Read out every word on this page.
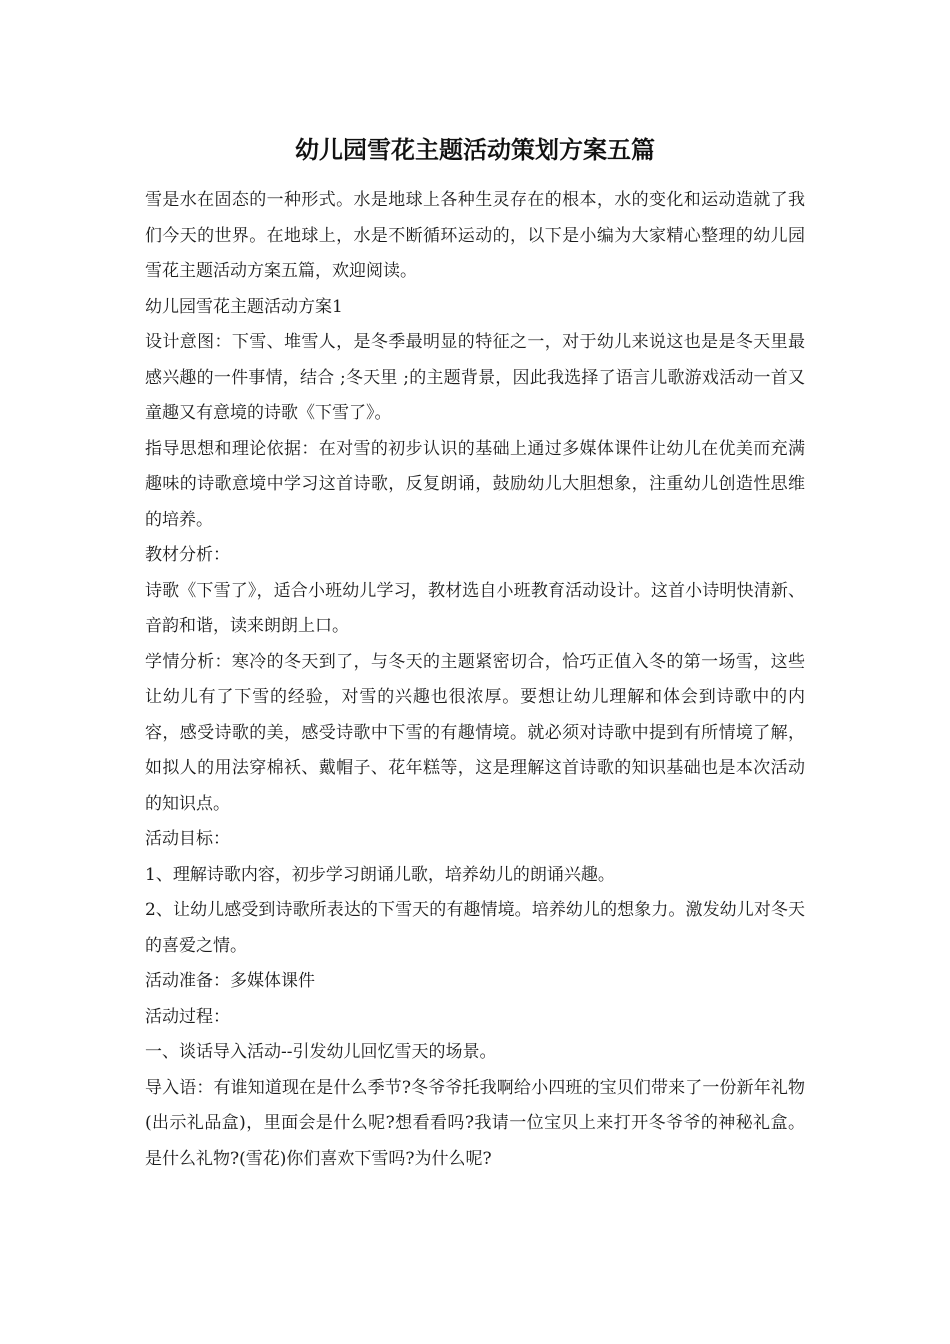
幼儿园雪花主题活动策划方案五篇

雪是水在固态的一种形式。水是地球上各种生灵存在的根本，水的变化和运动造就了我们今天的世界。在地球上，水是不断循环运动的，以下是小编为大家精心整理的幼儿园雪花主题活动方案五篇，欢迎阅读。

幼儿园雪花主题活动方案1

设计意图：下雪、堆雪人，是冬季最明显的特征之一，对于幼儿来说这也是是冬天里最感兴趣的一件事情，结合 ;冬天里 ;的主题背景，因此我选择了语言儿歌游戏活动一首又童趣又有意境的诗歌《下雪了》。

指导思想和理论依据：在对雪的初步认识的基础上通过多媒体课件让幼儿在优美而充满趣味的诗歌意境中学习这首诗歌，反复朗诵，鼓励幼儿大胆想象，注重幼儿创造性思维的培养。

教材分析：

诗歌《下雪了》，适合小班幼儿学习，教材选自小班教育活动设计。这首小诗明快清新、音韵和谐，读来朗朗上口。

学情分析：寒冷的冬天到了，与冬天的主题紧密切合，恰巧正值入冬的第一场雪，这些让幼儿有了下雪的经验，对雪的兴趣也很浓厚。要想让幼儿理解和体会到诗歌中的内容，感受诗歌的美，感受诗歌中下雪的有趣情境。就必须对诗歌中提到有所情境了解，如拟人的用法穿棉袄、戴帽子、花年糕等，这是理解这首诗歌的知识基础也是本次活动的知识点。

活动目标：

1、理解诗歌内容，初步学习朗诵儿歌，培养幼儿的朗诵兴趣。

2、让幼儿感受到诗歌所表达的下雪天的有趣情境。培养幼儿的想象力。激发幼儿对冬天的喜爱之情。

活动准备：多媒体课件

活动过程：

一、谈话导入活动--引发幼儿回忆雪天的场景。

导入语：有谁知道现在是什么季节?冬爷爷托我啊给小四班的宝贝们带来了一份新年礼物(出示礼品盒)，里面会是什么呢?想看看吗?我请一位宝贝上来打开冬爷爷的神秘礼盒。是什么礼物?(雪花)你们喜欢下雪吗?为什么呢?
